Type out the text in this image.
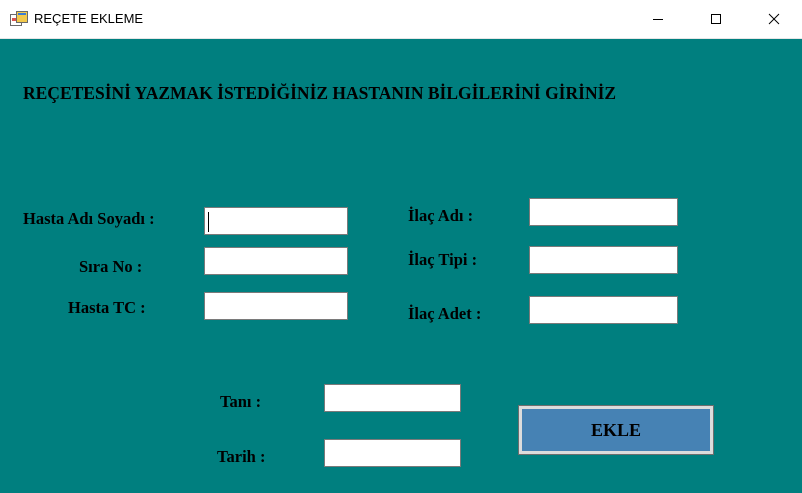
REÇETE EKLEME
REÇETESİNİ YAZMAK İSTEDİĞİNİZ HASTANIN BİLGİLERİNİ GİRİNİZ
Hasta Adı Soyadı :
Sıra No :
Hasta TC :
İlaç Adı :
İlaç Tipi :
İlaç Adet :
Tanı :
Tarih :
EKLE
